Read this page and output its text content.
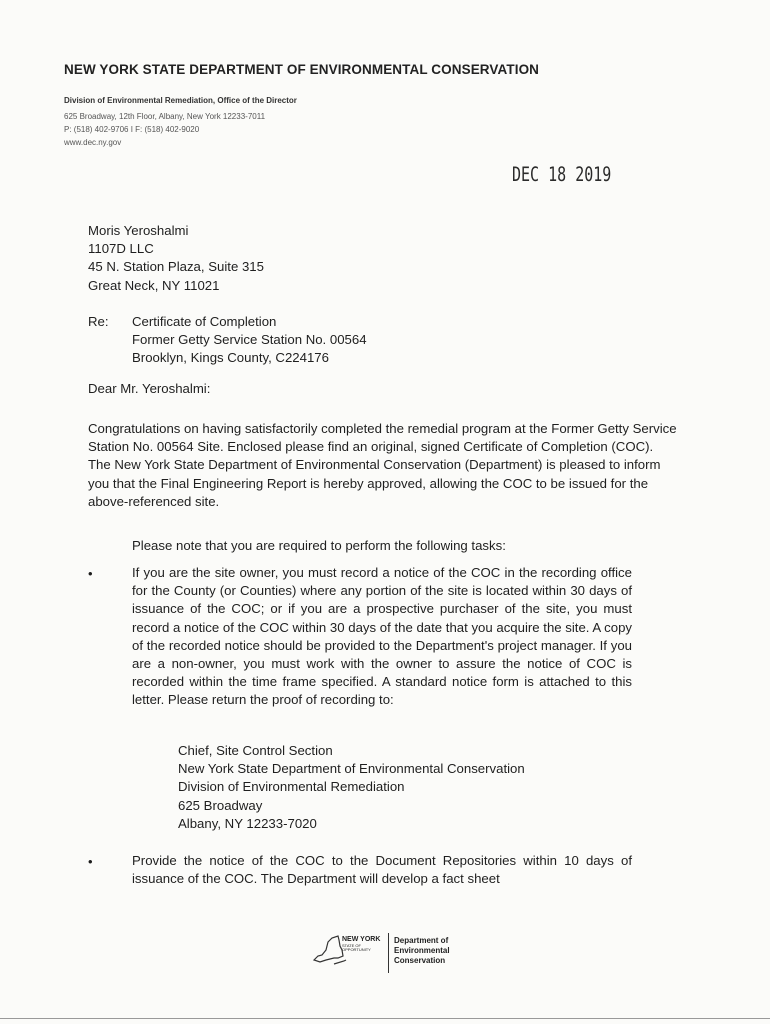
NEW YORK STATE DEPARTMENT OF ENVIRONMENTAL CONSERVATION
Division of Environmental Remediation, Office of the Director
625 Broadway, 12th Floor, Albany, New York 12233-7011
P: (518) 402-9706 I F: (518) 402-9020
www.dec.ny.gov
DEC 18 2019

Moris Yeroshalmi

1107D LLC

45 N. Station Plaza, Suite 315

Great Neck, NY 11021

Re: Certificate of Completion

Former Getty Service Station No. 00564

Brooklyn, Kings County, C224176

Dear Mr. Yeroshalmi:
Congratulations on having satisfactorily completed the remedial program at the Former Getty Service Station No. 00564 Site. Enclosed please find an original, signed Certificate of Completion (COC). The New York State Department of Environmental Conservation (Department) is pleased to inform you that the Final Engineering Report is hereby approved, allowing the COC to be issued for the above-referenced site.
Please note that you are required to perform the following tasks:
•	If you are the site owner, you must record a notice of the COC in the recording office for the County (or Counties) where any portion of the site is located within 30 days of issuance of the COC; or if you are a prospective purchaser of the site, you must record a notice of the COC within 30 days of the date that you acquire the site. A copy of the recorded notice should be provided to the Department's project manager. If you are a non-owner, you must work with the owner to assure the notice of COC is recorded within the time frame specified. A standard notice form is attached to this letter. Please return the proof of recording to:

Chief, Site Control Section

New York State Department of Environmental Conservation

Division of Environmental Remediation

625 Broadway

Albany, NY 12233-7020

•	Provide the notice of the COC to the Document Repositories within 10 days of issuance of the COC. The Department will develop a fact sheet
NEW YORK
STATE OF
OPPORTUNITY
Department of
Environmental
Conservation
